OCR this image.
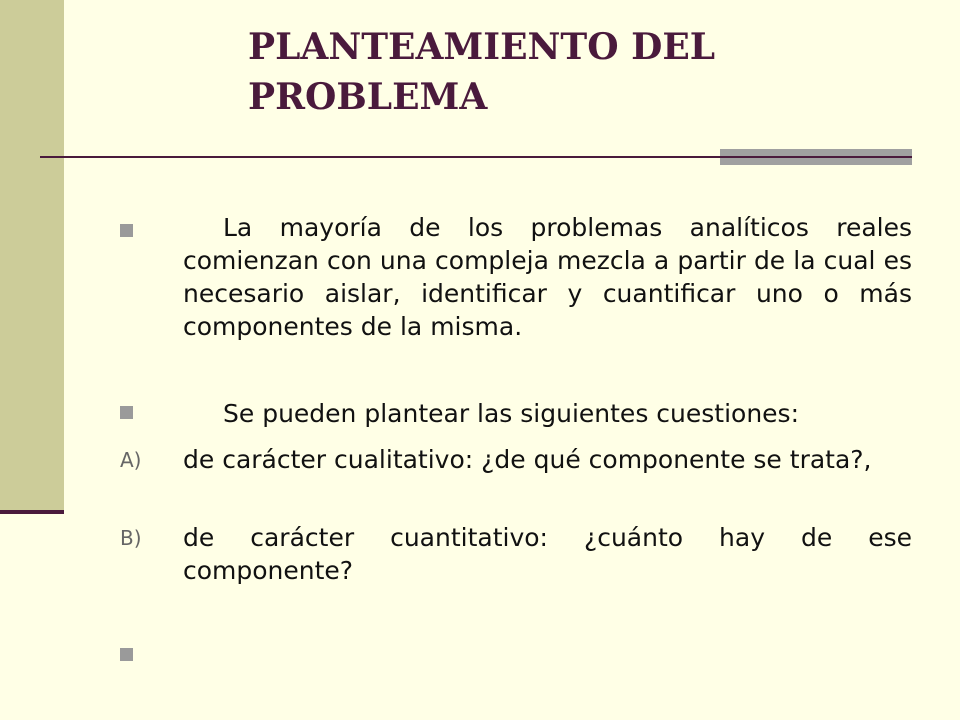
PLANTEAMIENTO DEL
PROBLEMA

La mayoría de los problemas analíticos reales comienzan con una compleja mezcla a partir de la cual es necesario aislar, identificar y cuantificar uno o más componentes de la misma.

Se pueden plantear las siguientes cuestiones:

A) de carácter cualitativo: ¿de qué componente se trata?,

B) de carácter cuantitativo: ¿cuánto hay de ese componente?
